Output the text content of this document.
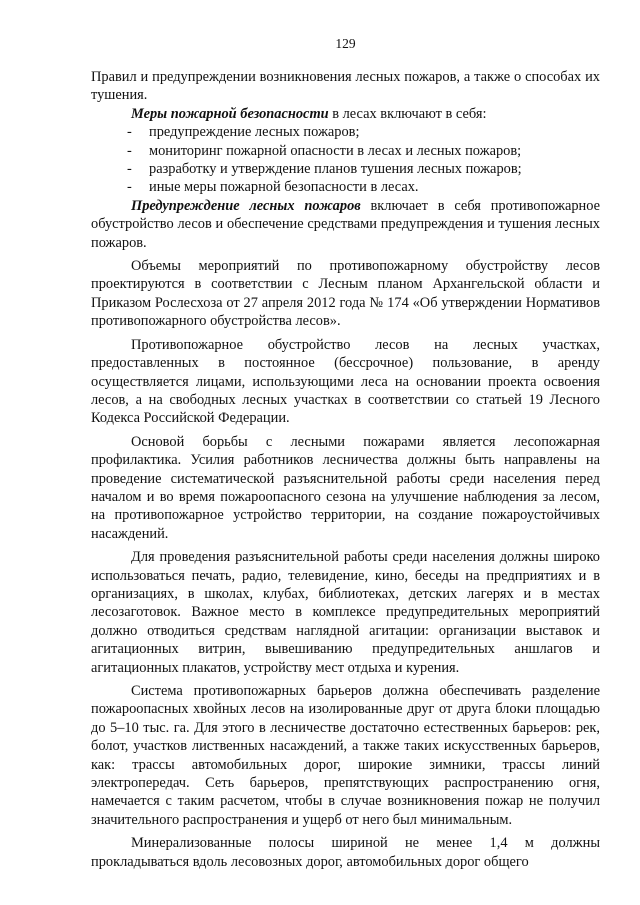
129

Правил и предупреждении возникновения лесных пожаров, а также о способах их тушения.

Меры пожарной безопасности в лесах включают в себя:

- предупреждение лесных пожаров;
- мониторинг пожарной опасности в лесах и лесных пожаров;
- разработку и утверждение планов тушения лесных пожаров;
- иные меры пожарной безопасности в лесах.

Предупреждение лесных пожаров включает в себя противопожарное обустройство лесов и обеспечение средствами предупреждения и тушения лесных пожаров.

Объемы мероприятий по противопожарному обустройству лесов проектируются в соответствии с Лесным планом Архангельской области и Приказом Рослесхоза от 27 апреля 2012 года № 174 «Об утверждении Нормативов противопожарного обустройства лесов».

Противопожарное обустройство лесов на лесных участках, предоставленных в постоянное (бессрочное) пользование, в аренду осуществляется лицами, использующими леса на основании проекта освоения лесов, а на свободных лесных участках в соответствии со статьей 19 Лесного Кодекса Российской Федерации.

Основой борьбы с лесными пожарами является лесопожарная профилактика. Усилия работников лесничества должны быть направлены на проведение систематической разъяснительной работы среди населения перед началом и во время пожароопасного сезона на улучшение наблюдения за лесом, на противопожарное устройство территории, на создание пожароустойчивых насаждений.

Для проведения разъяснительной работы среди населения должны широко использоваться печать, радио, телевидение, кино, беседы на предприятиях и в организациях, в школах, клубах, библиотеках, детских лагерях и в местах лесозаготовок. Важное место в комплексе предупредительных мероприятий должно отводиться средствам наглядной агитации: организации выставок и агитационных витрин, вывешиванию предупредительных аншлагов и агитационных плакатов, устройству мест отдыха и курения.

Система противопожарных барьеров должна обеспечивать разделение пожароопасных хвойных лесов на изолированные друг от друга блоки площадью до 5–10 тыс. га. Для этого в лесничестве достаточно естественных барьеров: рек, болот, участков лиственных насаждений, а также таких искусственных барьеров, как: трассы автомобильных дорог, широкие зимники, трассы линий электропередач. Сеть барьеров, препятствующих распространению огня, намечается с таким расчетом, чтобы в случае возникновения пожар не получил значительного распространения и ущерб от него был минимальным.

Минерализованные полосы шириной не менее 1,4 м должны прокладываться вдоль лесовозных дорог, автомобильных дорог общего
